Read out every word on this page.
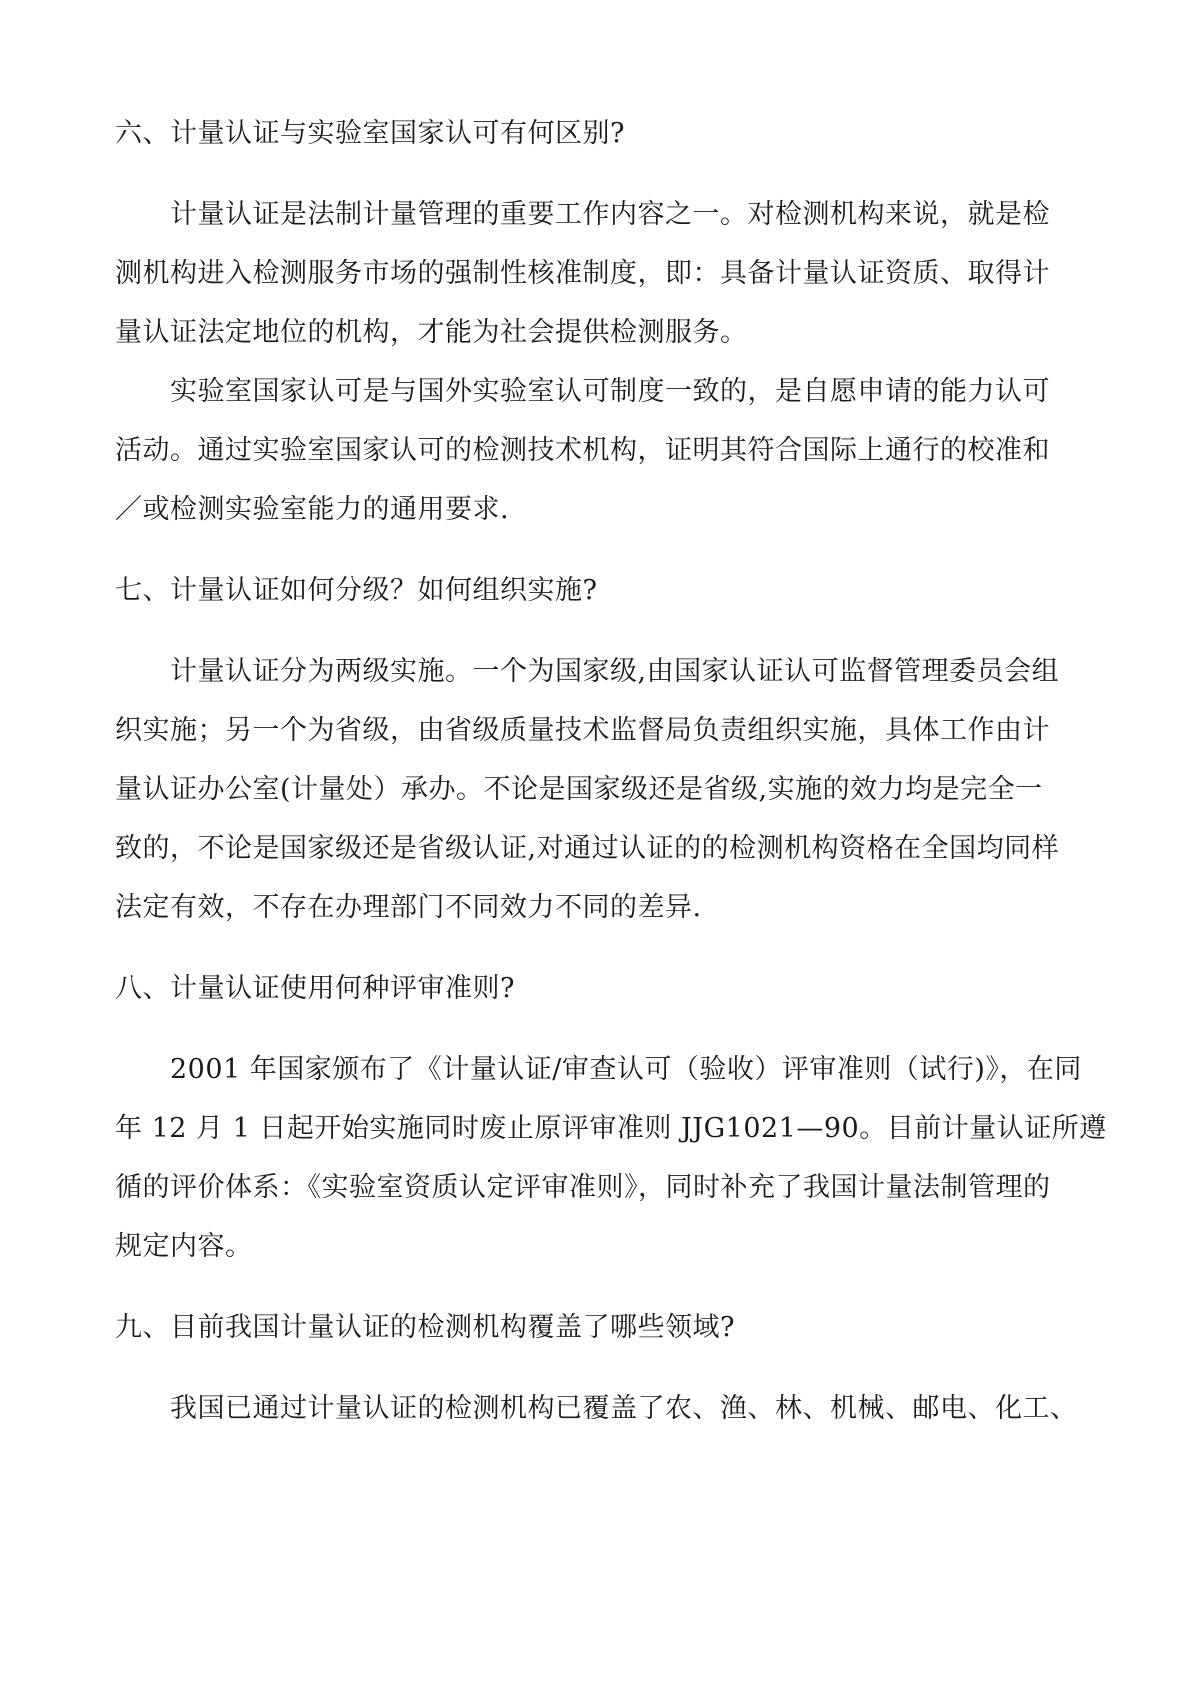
六、计量认证与实验室国家认可有何区别?
计量认证是法制计量管理的重要工作内容之一。对检测机构来说，就是检
测机构进入检测服务市场的强制性核准制度，即：具备计量认证资质、取得计
量认证法定地位的机构，才能为社会提供检测服务。
实验室国家认可是与国外实验室认可制度一致的，是自愿申请的能力认可
活动。通过实验室国家认可的检测技术机构，证明其符合国际上通行的校准和
／或检测实验室能力的通用要求.
七、计量认证如何分级？如何组织实施?
计量认证分为两级实施。一个为国家级,由国家认证认可监督管理委员会组
织实施；另一个为省级，由省级质量技术监督局负责组织实施，具体工作由计
量认证办公室(计量处）承办。不论是国家级还是省级,实施的效力均是完全一
致的，不论是国家级还是省级认证,对通过认证的的检测机构资格在全国均同样
法定有效，不存在办理部门不同效力不同的差异.
八、计量认证使用何种评审准则?
2001 年国家颁布了《计量认证/审查认可（验收）评审准则（试行)》，在同
年 12 月 1 日起开始实施同时废止原评审准则 JJG1021—90。目前计量认证所遵
循的评价体系：《实验室资质认定评审准则》，同时补充了我国计量法制管理的
规定内容。
九、目前我国计量认证的检测机构覆盖了哪些领域?
我国已通过计量认证的检测机构已覆盖了农、渔、林、机械、邮电、化工、
